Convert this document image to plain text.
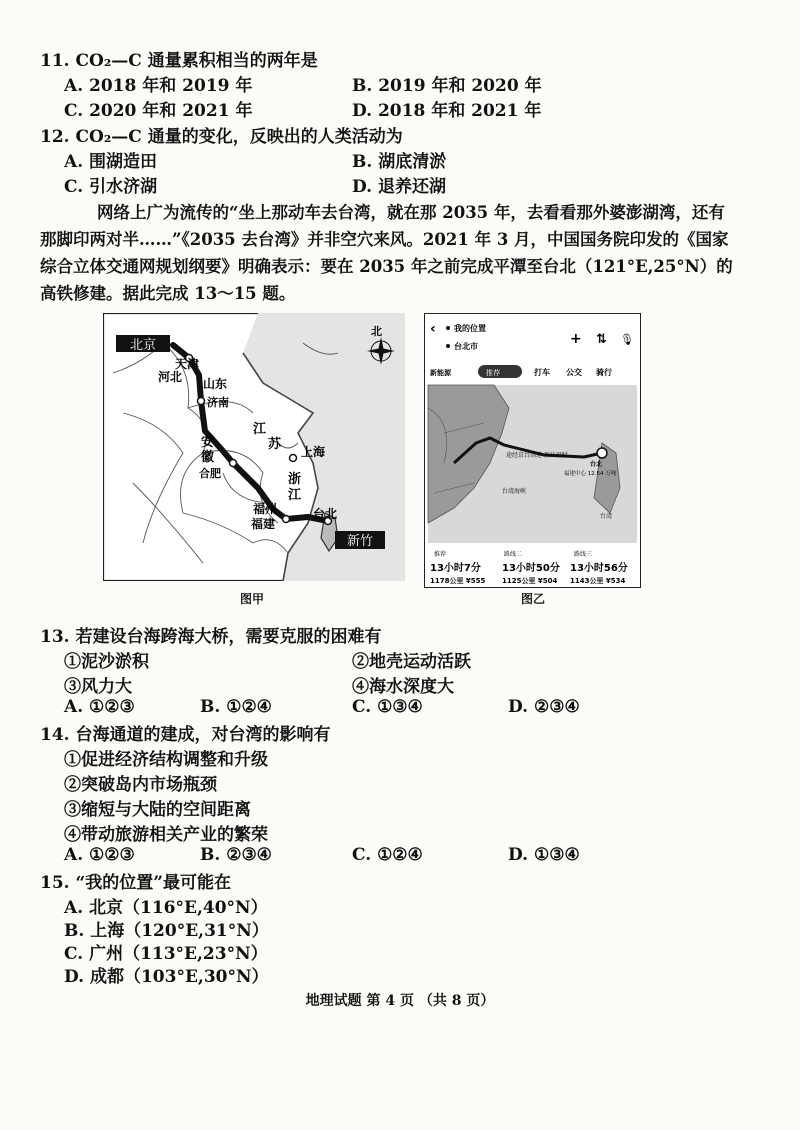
11. CO₂—C 通量累积相当的两年是
A. 2018 年和 2019 年	B. 2019 年和 2020 年
C. 2020 年和 2021 年	D. 2018 年和 2021 年
12. CO₂—C 通量的变化，反映出的人类活动为
A. 围湖造田	B. 湖底清淤
C. 引水济湖	D. 退养还湖
网络上广为流传的“坐上那动车去台湾，就在那 2035 年，去看看那外婆澎湖湾，还有
那脚印两对半……”《2035 去台湾》并非空穴来风。2021 年 3 月，中国国务院印发的《国家
综合立体交通网规划纲要》明确表示：要在 2035 年之前完成平潭至台北（121°E,25°N）的
高铁修建。据此完成 13～15 题。
北京
天津
河北 山东
济南
安
徽
合肥
江
苏 上海
浙
江
福州
福建
台北
新竹
北
图甲
‹ 我的位置
台北市	+ ⇅ 🎙
新能源	推荐	打车 公交 骑行
途经京台高速 预计用时
台北
福建中心 12.54 万吨
台湾海峡
台湾
推荐
13小时7分
1178公里 ¥555
路线二
13小时50分
1125公里 ¥504
路线三
13小时56分
1143公里 ¥534
图乙
13. 若建设台海跨海大桥，需要克服的困难有
①泥沙淤积	②地壳运动活跃
③风力大	④海水深度大
A. ①②③	B. ①②④	C. ①③④	D. ②③④
14. 台海通道的建成，对台湾的影响有
①促进经济结构调整和升级
②突破岛内市场瓶颈
③缩短与大陆的空间距离
④带动旅游相关产业的繁荣
A. ①②③	B. ②③④	C. ①②④	D. ①③④
15. “我的位置”最可能在
A. 北京（116°E,40°N）
B. 上海（120°E,31°N）
C. 广州（113°E,23°N）
D. 成都（103°E,30°N）
地理试题 第 4 页 （共 8 页）
